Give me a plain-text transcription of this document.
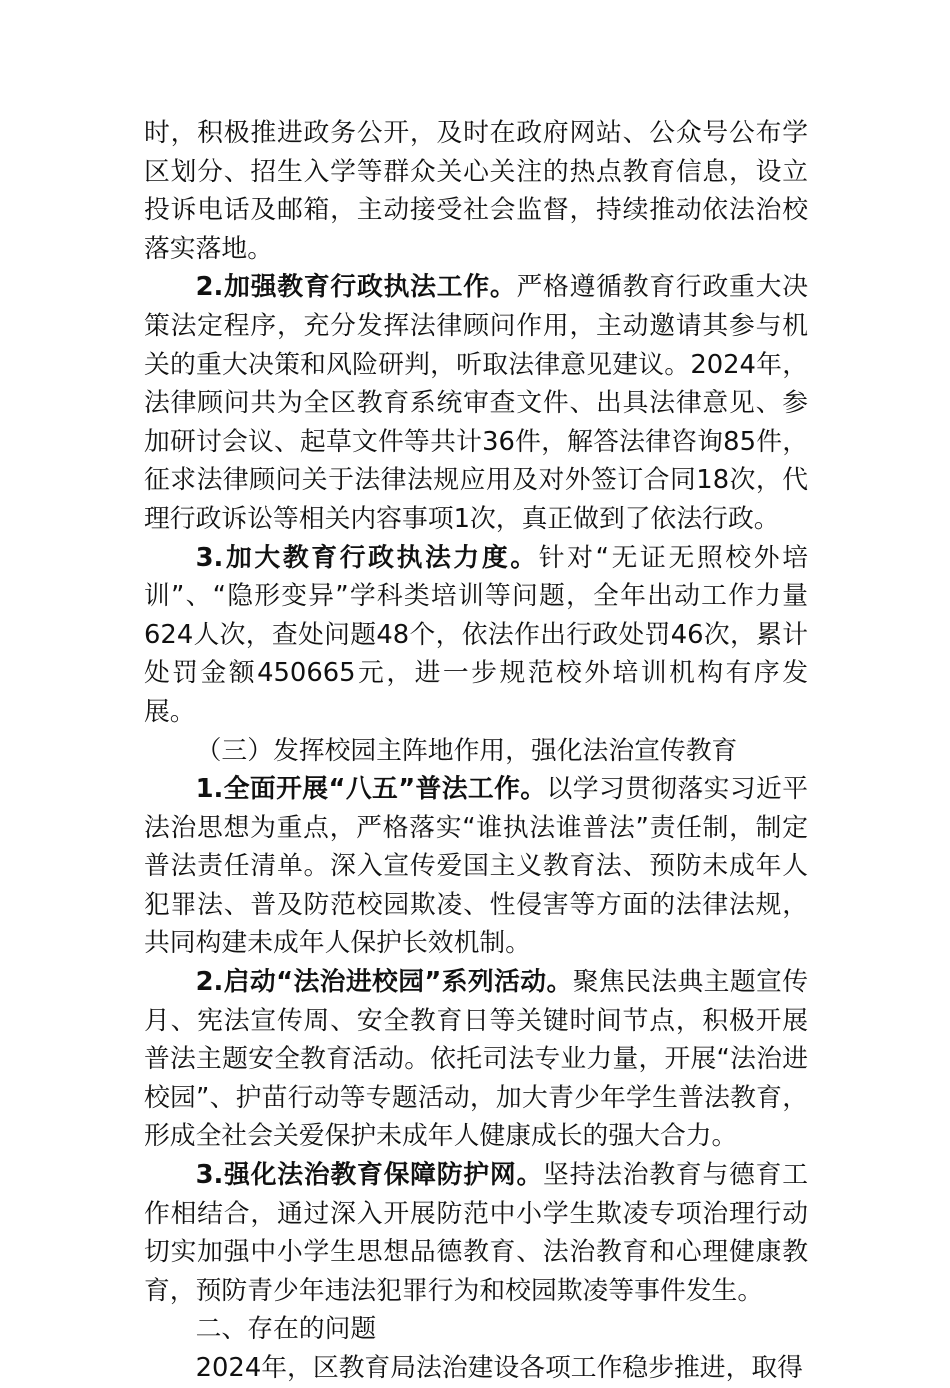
时，积极推进政务公开，及时在政府网站、公众号公布学区划分、招生入学等群众关心关注的热点教育信息，设立投诉电话及邮箱，主动接受社会监督，持续推动依法治校落实落地。

2.加强教育行政执法工作。严格遵循教育行政重大决策法定程序，充分发挥法律顾问作用，主动邀请其参与机关的重大决策和风险研判，听取法律意见建议。2024年，法律顾问共为全区教育系统审查文件、出具法律意见、参加研讨会议、起草文件等共计36件，解答法律咨询85件，征求法律顾问关于法律法规应用及对外签订合同18次，代理行政诉讼等相关内容事项1次，真正做到了依法行政。

3.加大教育行政执法力度。针对“无证无照校外培训”、“隐形变异”学科类培训等问题，全年出动工作力量624人次，查处问题48个，依法作出行政处罚46次，累计处罚金额450665元，进一步规范校外培训机构有序发展。

（三）发挥校园主阵地作用，强化法治宣传教育

1.全面开展“八五”普法工作。以学习贯彻落实习近平法治思想为重点，严格落实“谁执法谁普法”责任制，制定普法责任清单。深入宣传爱国主义教育法、预防未成年人犯罪法、普及防范校园欺凌、性侵害等方面的法律法规，共同构建未成年人保护长效机制。

2.启动“法治进校园”系列活动。聚焦民法典主题宣传月、宪法宣传周、安全教育日等关键时间节点，积极开展普法主题安全教育活动。依托司法专业力量，开展“法治进校园”、护苗行动等专题活动，加大青少年学生普法教育，形成全社会关爱保护未成年人健康成长的强大合力。

3.强化法治教育保障防护网。坚持法治教育与德育工作相结合，通过深入开展防范中小学生欺凌专项治理行动切实加强中小学生思想品德教育、法治教育和心理健康教育，预防青少年违法犯罪行为和校园欺凌等事件发生。

二、存在的问题

2024年，区教育局法治建设各项工作稳步推进，取得
